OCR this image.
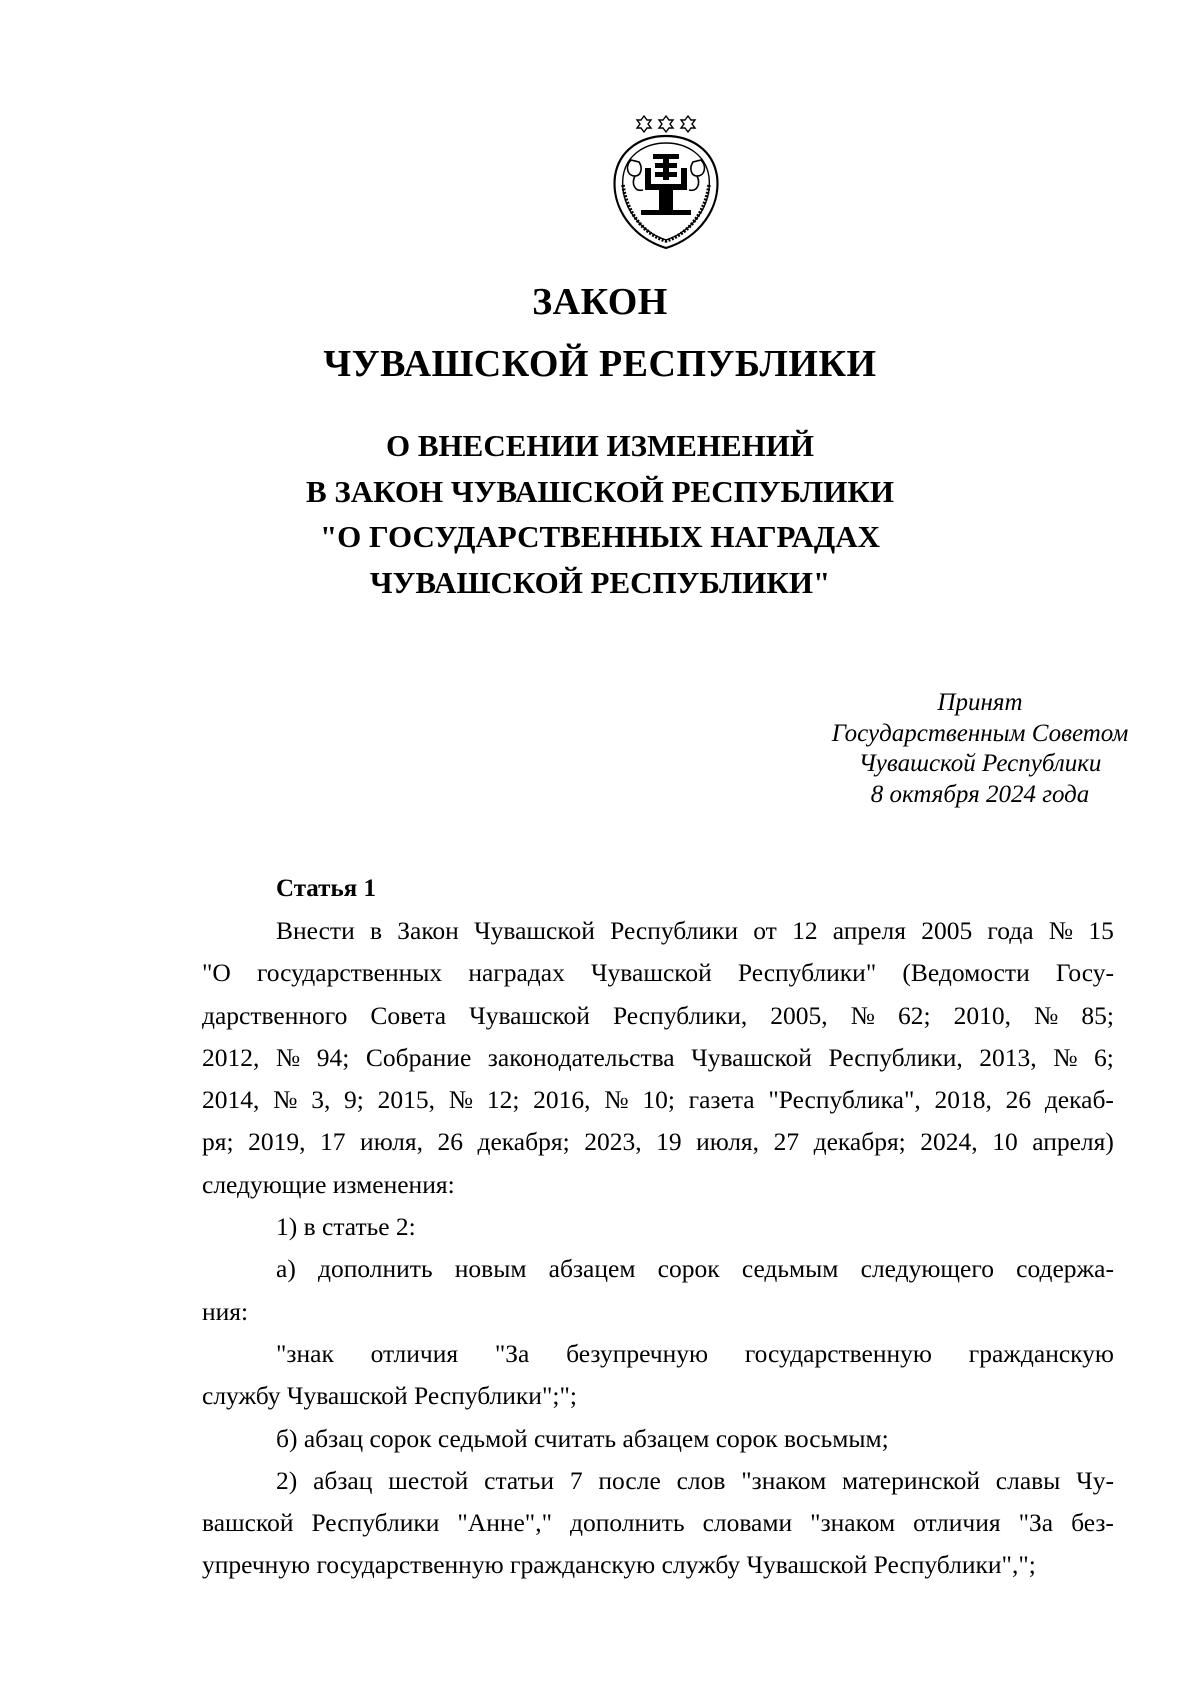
ЗАКОН
ЧУВАШСКОЙ РЕСПУБЛИКИ
О ВНЕСЕНИИ ИЗМЕНЕНИЙ
В ЗАКОН ЧУВАШСКОЙ РЕСПУБЛИКИ
"О ГОСУДАРСТВЕННЫХ НАГРАДАХ
ЧУВАШСКОЙ РЕСПУБЛИКИ"
Принят
Государственным Советом
Чувашской Республики
8 октября 2024 года
Статья 1
Внести в Закон Чувашской Республики от 12 апреля 2005 года № 15
"О государственных наградах Чувашской Республики" (Ведомости Госу-
дарственного Совета Чувашской Республики, 2005, № 62; 2010, № 85;
2012, № 94; Собрание законодательства Чувашской Республики, 2013, № 6;
2014, № 3, 9; 2015, № 12; 2016, № 10; газета "Республика", 2018, 26 декаб-
ря; 2019, 17 июля, 26 декабря; 2023, 19 июля, 27 декабря; 2024, 10 апреля)
следующие изменения:
1) в статье 2:
а) дополнить новым абзацем сорок седьмым следующего содержа-
ния:
"знак отличия "За безупречную государственную гражданскую
службу Чувашской Республики";";
б) абзац сорок седьмой считать абзацем сорок восьмым;
2) абзац шестой статьи 7 после слов "знаком материнской славы Чу-
вашской Республики "Анне"," дополнить словами "знаком отличия "За без-
упречную государственную гражданскую службу Чувашской Республики",";
